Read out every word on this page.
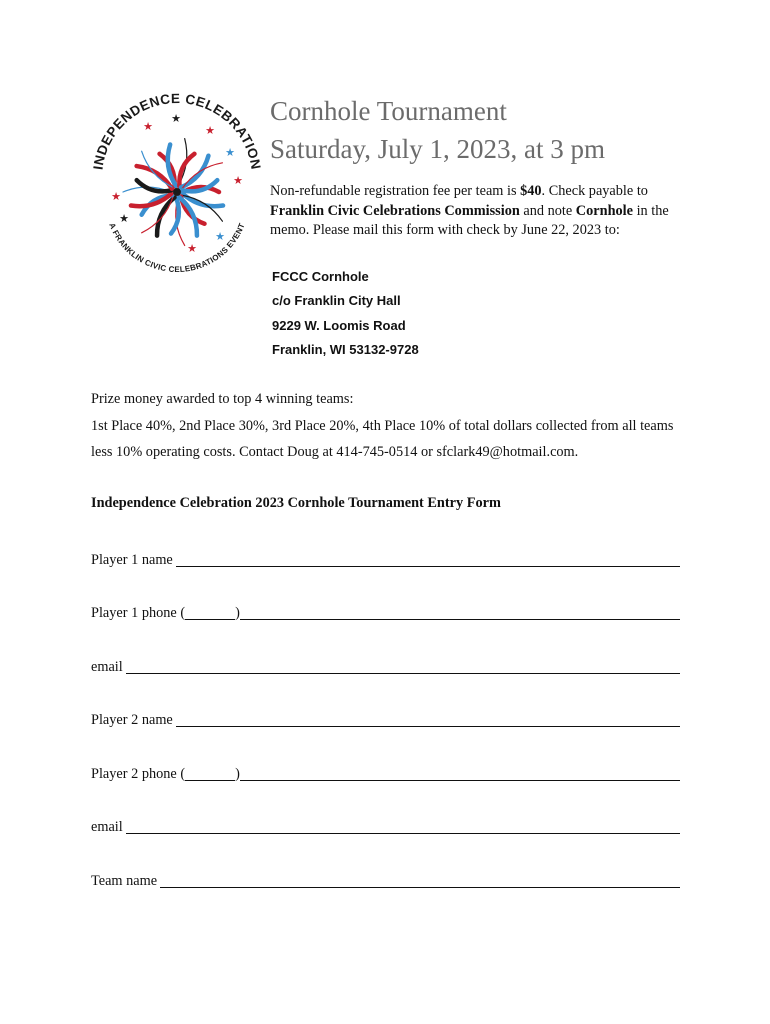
INDEPENDENCE CELEBRATION
A FRANKLIN CIVIC CELEBRATIONS EVENT
★
★
★
★
★
★
★
★
★
Cornhole Tournament
Saturday, July 1, 2023, at 3 pm
Non-refundable registration fee per team is $40. Check payable to Franklin Civic Celebrations Commission and note Cornhole in the memo. Please mail this form with check by June 22, 2023 to:
FCCC Cornhole
c/o Franklin City Hall
9229 W. Loomis Road
Franklin, WI 53132-9728
Prize money awarded to top 4 winning teams:
1st Place 40%, 2nd Place 30%, 3rd Place 20%, 4th Place 10% of total dollars collected from all teams less 10% operating costs. Contact Doug at 414-745-0514 or sfclark49@hotmail.com.
Independence Celebration 2023 Cornhole Tournament Entry Form
Player 1 name
Player 1 phone (	)
email
Player 2 name
Player 2 phone (	)
email
Team name
